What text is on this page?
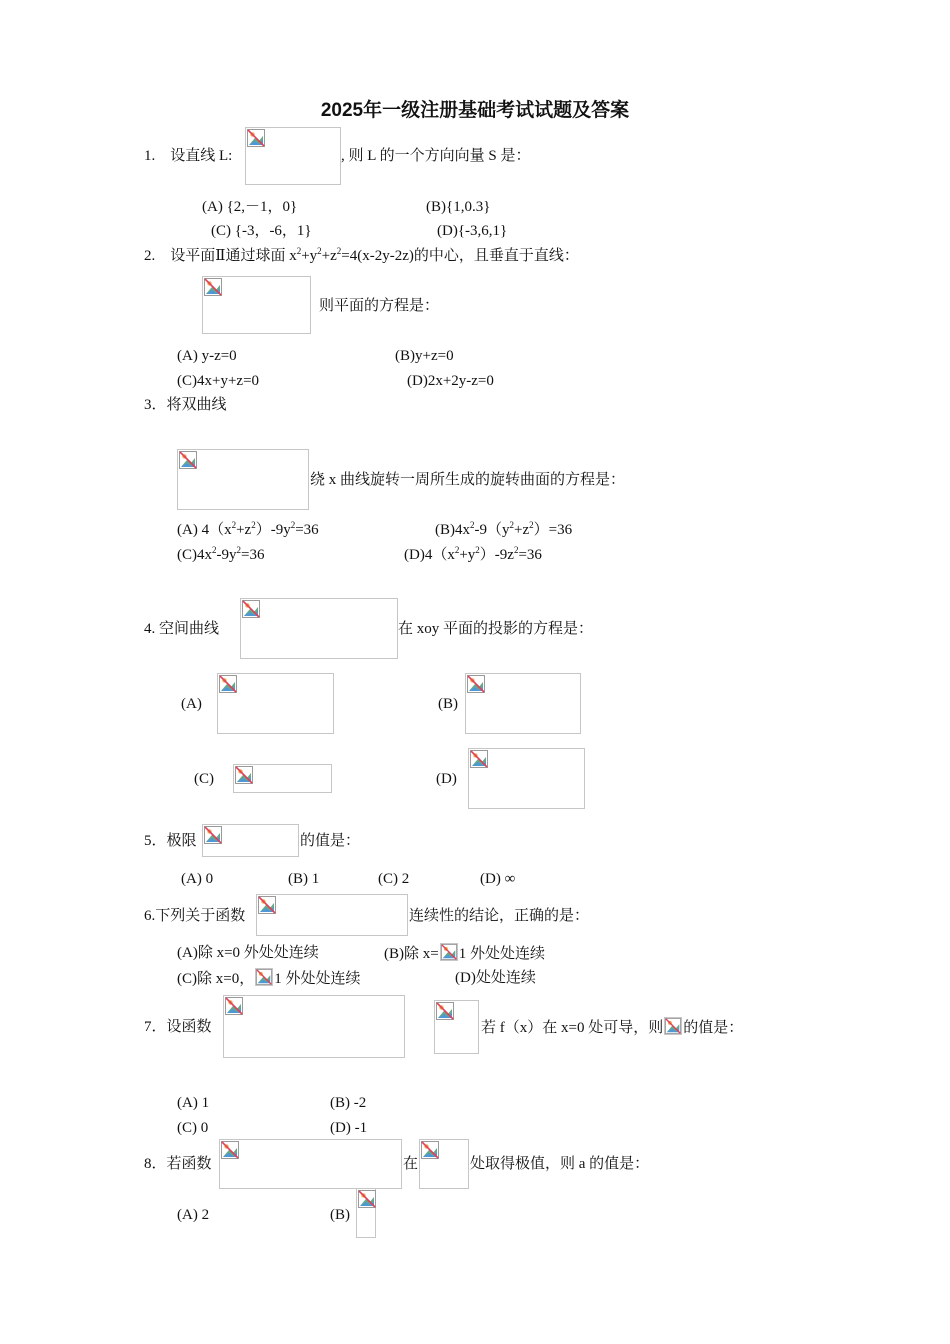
2025年一级注册基础考试试题及答案
1.　设直线 L:	, 则 L 的一个方向向量 S 是：
(A) {2,－1，0}	(B){1,0.3}
(C) {-3，-6，1}	(D){-3,6,1}
2.　设平面Ⅱ通过球面 $x^2+y^2+z^2=4(x-2y-2z)$的中心，且垂直于直线：
则平面的方程是：
(A) y-z=0	(B)y+z=0
(C)4x+y+z=0	(D)2x+2y-z=0
3．将双曲线
绕 x 曲线旋转一周所生成的旋转曲面的方程是：
(A) $4(x^2+z^2)-9y^2=36$	$(B)4x^2-9(y^2+z^2)=36$
$(C)4x^2-9y^2=36$	$(D)4(x^2+y^2)-9z^2=36$
4. 空间曲线	在 xoy 平面的投影的方程是：
(A)	(B)
(C)	(D)
5．极限	的值是：
(A) 0	(B) 1	(C) 2	(D) ∞
6.下列关于函数	连续性的结论，正确的是：
(A)除 x=0 外处处连续	(B)除 x= 1 外处处连续
(C)除 x=0， 1 外处处连续	(D)处处连续
7．设函数	若 f（x）在 x=0 处可导，则 的值是：
(A) 1	(B) -2
(C) 0	(D) -1
8．若函数	在	处取得极值，则 a 的值是：
(A) 2	(B)
